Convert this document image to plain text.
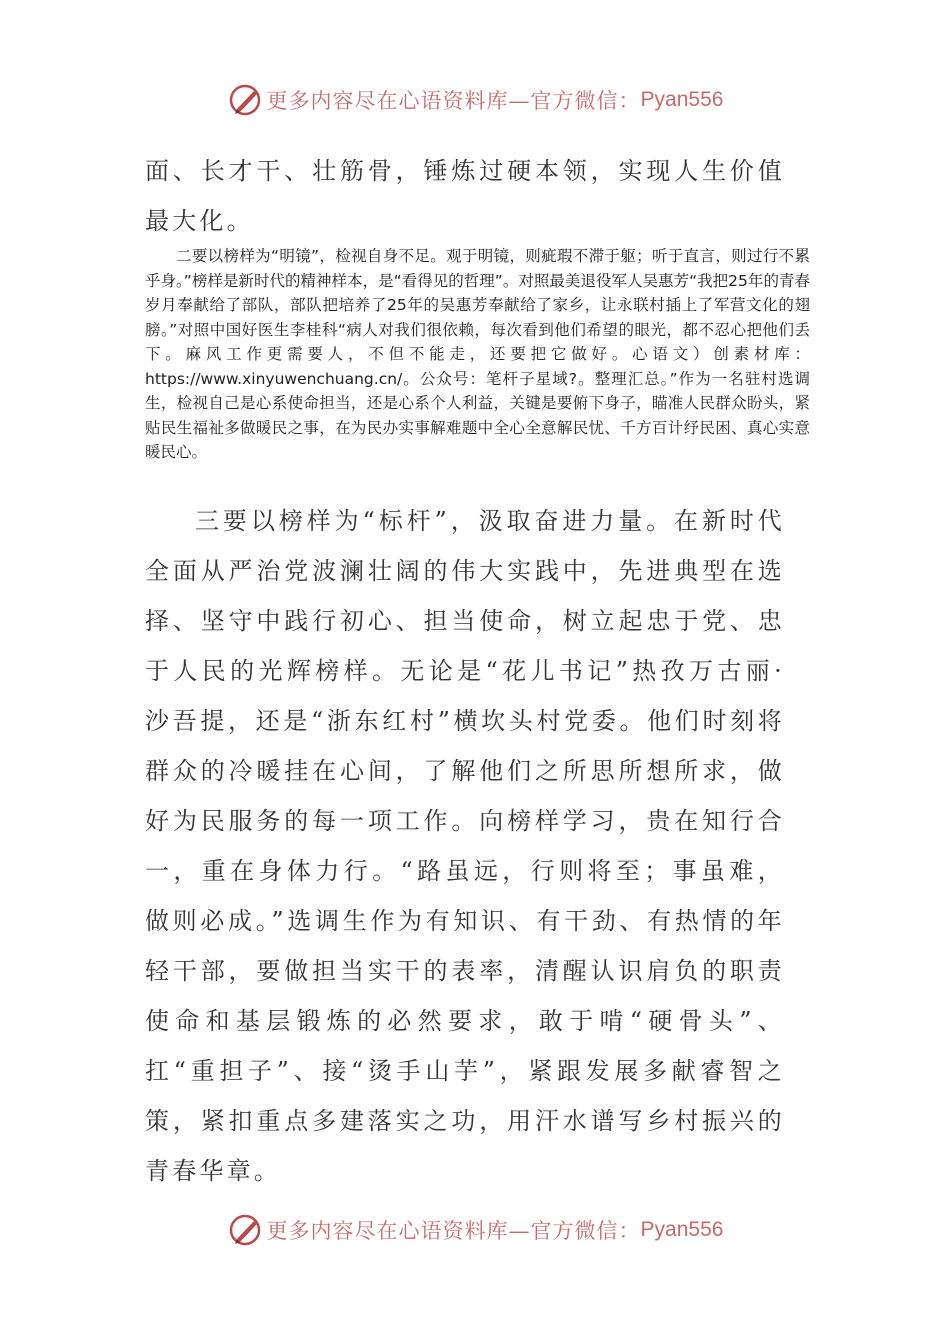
更多内容尽在心语资料库—官方微信： Pyan556

面、长才干、壮筋骨，锤炼过硬本领，实现人生价值最大化。

二要以榜样为“明镜”，检视自身不足。观于明镜，则疵瑕不滞于躯；听于直言，则过行不累乎身。”榜样是新时代的精神样本，是“看得见的哲理”。对照最美退役军人吴惠芳“我把25年的青春岁月奉献给了部队，部队把培养了25年的吴惠芳奉献给了家乡，让永联村插上了军营文化的翅膀。”对照中国好医生李桂科“病人对我们很依赖，每次看到他们希望的眼光，都不忍心把他们丢下。麻风工作更需要人，不但不能走，还要把它做好。心语文）创素材库：https://www.xinyuwenchuang.cn/。公众号：笔杆子星域?。整理汇总。”作为一名驻村选调生，检视自己是心系使命担当，还是心系个人利益，关键是要俯下身子，瞄准人民群众盼头，紧贴民生福祉多做暖民之事，在为民办实事解难题中全心全意解民忧、千方百计纾民困、真心实意暖民心。

三要以榜样为“标杆”，汲取奋进力量。在新时代全面从严治党波澜壮阔的伟大实践中，先进典型在选择、坚守中践行初心、担当使命，树立起忠于党、忠于人民的光辉榜样。无论是“花儿书记”热孜万古丽·沙吾提，还是“浙东红村”横坎头村党委。他们时刻将群众的冷暖挂在心间，了解他们之所思所想所求，做好为民服务的每一项工作。向榜样学习，贵在知行合一，重在身体力行。“路虽远，行则将至；事虽难，做则必成。”选调生作为有知识、有干劲、有热情的年轻干部，要做担当实干的表率，清醒认识肩负的职责使命和基层锻炼的必然要求，敢于啃“硬骨头”、扛“重担子”、接“烫手山芋”，紧跟发展多献睿智之策，紧扣重点多建落实之功，用汗水谱写乡村振兴的青春华章。

更多内容尽在心语资料库—官方微信： Pyan556
